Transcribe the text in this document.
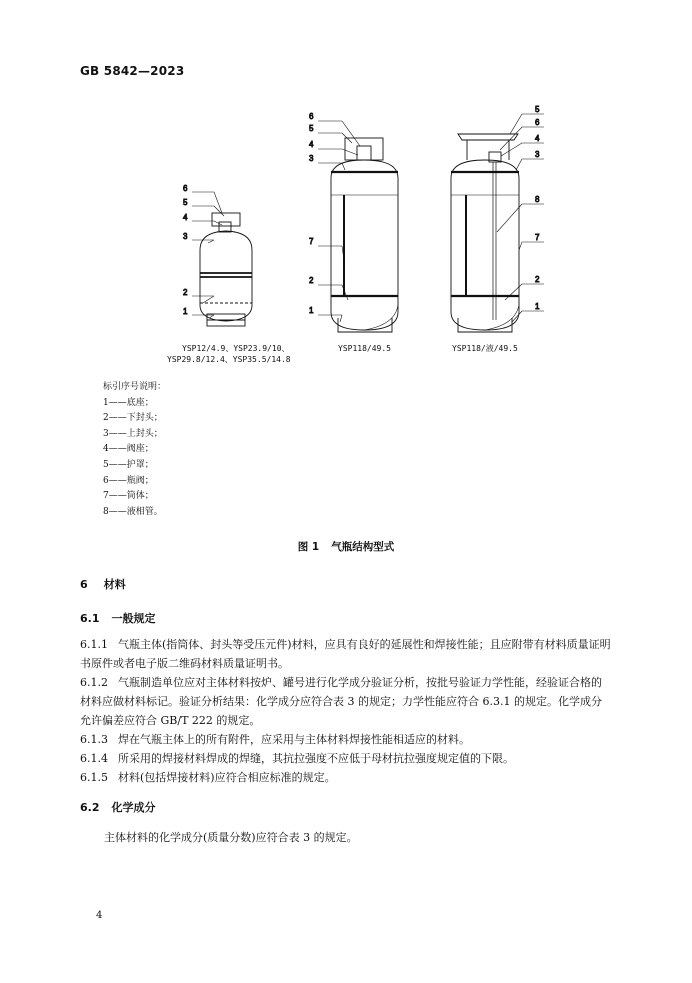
GB 5842—2023
6
5
4
3
2
1
6
5
4
3
7
2
1
5
6
4
3
8
7
2
1
YSP12/4.9、YSP23.9/10、
YSP29.8/12.4、YSP35.5/14.8
YSP118/49.5	YSP118/液/49.5
标引序号说明：
1——底座；
2——下封头；
3——上封头；
4——阀座；
5——护罩；
6——瓶阀；
7——筒体；
8——液相管。
图 1 气瓶结构型式
6 材料
6.1 一般规定
6.1.1 气瓶主体(指筒体、封头等受压元件)材料，应具有良好的延展性和焊接性能；且应附带有材料质量证明书原件或者电子版二维码材料质量证明书。
6.1.2 气瓶制造单位应对主体材料按炉、罐号进行化学成分验证分析，按批号验证力学性能，经验证合格的材料应做材料标记。验证分析结果：化学成分应符合表 3 的规定；力学性能应符合 6.3.1 的规定。化学成分允许偏差应符合 GB/T 222 的规定。
6.1.3 焊在气瓶主体上的所有附件，应采用与主体材料焊接性能相适应的材料。
6.1.4 所采用的焊接材料焊成的焊缝，其抗拉强度不应低于母材抗拉强度规定值的下限。
6.1.5 材料(包括焊接材料)应符合相应标准的规定。
6.2 化学成分
主体材料的化学成分(质量分数)应符合表 3 的规定。
4
